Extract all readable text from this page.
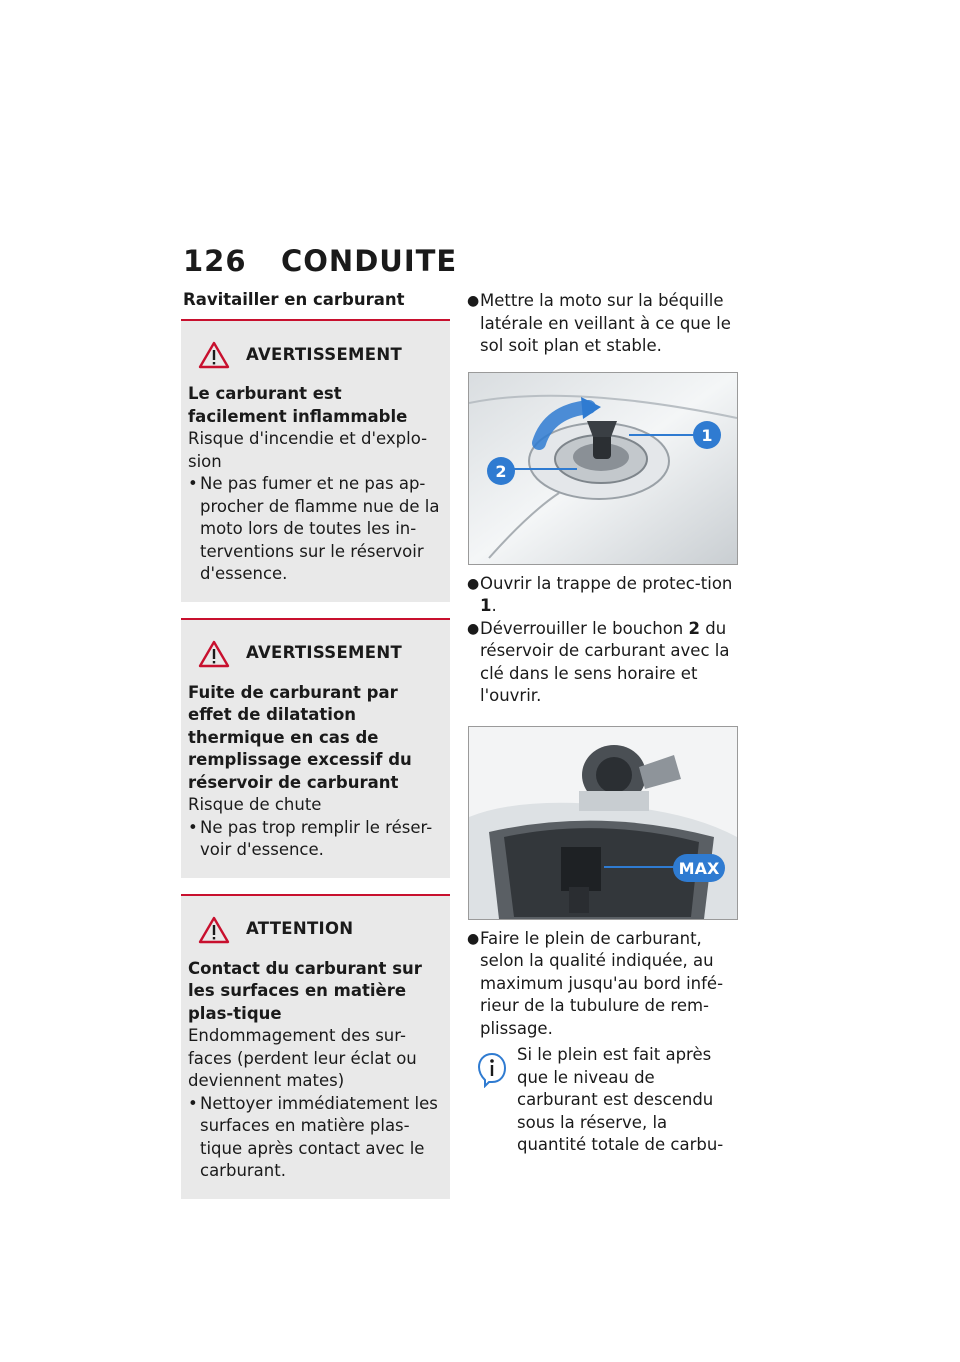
126 CONDUITE
Ravitailler en carburant
AVERTISSEMENT
Le carburant est facilement inflammable
Risque d'incendie et d'explo-sion
• Ne pas fumer et ne pas ap-procher de flamme nue de la moto lors de toutes les in-terventions sur le réservoir d'essence.
AVERTISSEMENT
Fuite de carburant par effet de dilatation thermique en cas de remplissage excessif du réservoir de carburant
Risque de chute
• Ne pas trop remplir le réser-voir d'essence.
ATTENTION
Contact du carburant sur les surfaces en matière plas-tique
Endommagement des sur-faces (perdent leur éclat ou deviennent mates)
• Nettoyer immédiatement les surfaces en matière plas-tique après contact avec le carburant.
● Mettre la moto sur la béquille latérale en veillant à ce que le sol soit plan et stable.
1
2
● Ouvrir la trappe de protec-tion 1.
● Déverrouiller le bouchon 2 du réservoir de carburant avec la clé dans le sens horaire et l'ouvrir.
MAX
● Faire le plein de carburant, selon la qualité indiquée, au maximum jusqu'au bord infé-rieur de la tubulure de rem-plissage.
Si le plein est fait après que le niveau de carburant est descendu sous la réserve, la quantité totale de carbu-
